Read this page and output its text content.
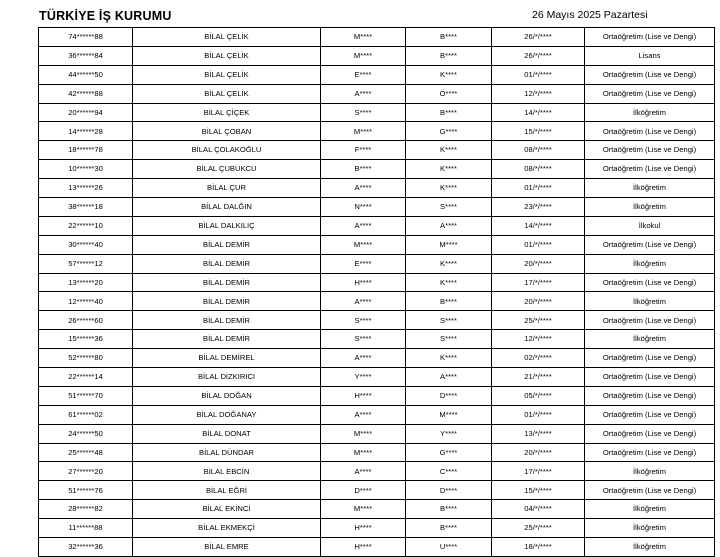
TÜRKİYE İŞ KURUMU	26 Mayıs 2025 Pazartesi
74******88	BİLAL ÇELİK	M****	B****	26/*/****	Ortaöğretim (Lise ve Dengi)
36******84	BİLAL ÇELİK	M****	B****	26/*/****	Lisans
44******50	BİLAL ÇELİK	E****	K****	01/*/****	Ortaöğretim (Lise ve Dengi)
42******88	BİLAL ÇELİK	A****	Ö****	12/*/****	Ortaöğretim (Lise ve Dengi)
20******94	BİLAL ÇİÇEK	S****	B****	14/*/****	İlköğretim
14******28	BİLAL ÇOBAN	M****	G****	15/*/****	Ortaöğretim (Lise ve Dengi)
18******78	BİLAL ÇOLAKOĞLU	F****	K****	08/*/****	Ortaöğretim (Lise ve Dengi)
10******30	BİLAL ÇUBUKCU	B****	K****	08/*/****	Ortaöğretim (Lise ve Dengi)
13******26	BİLAL ÇUR	A****	K****	01/*/****	İlköğretim
38******18	BİLAL DALĞIN	N****	S****	23/*/****	İlköğretim
22******10	BİLAL DALKILIÇ	A****	A****	14/*/****	İlkokul
30******40	BİLAL DEMİR	M****	M****	01/*/****	Ortaöğretim (Lise ve Dengi)
57******12	BİLAL DEMİR	E****	K****	20/*/****	İlköğretim
13******20	BİLAL DEMİR	H****	K****	17/*/****	Ortaöğretim (Lise ve Dengi)
12******40	BİLAL DEMİR	A****	B****	20/*/****	İlköğretim
26******60	BİLAL DEMİR	S****	S****	25/*/****	Ortaöğretim (Lise ve Dengi)
15******36	BİLAL DEMİR	S****	S****	12/*/****	İlköğretim
52******80	BİLAL DEMİREL	A****	K****	02/*/****	Ortaöğretim (Lise ve Dengi)
22******14	BİLAL DİZKIRICI	Y****	A****	21/*/****	Ortaöğretim (Lise ve Dengi)
51******70	BİLAL DOĞAN	H****	D****	05/*/****	Ortaöğretim (Lise ve Dengi)
61******02	BİLAL DOĞANAY	A****	M****	01/*/****	Ortaöğretim (Lise ve Dengi)
24******50	BİLAL DONAT	M****	Y****	13/*/****	Ortaöğretim (Lise ve Dengi)
25******48	BİLAL DÜNDAR	M****	G****	20/*/****	Ortaöğretim (Lise ve Dengi)
27******20	BİLAL EBCİN	A****	C****	17/*/****	İlköğretim
51******76	BİLAL EĞRİ	D****	D****	15/*/****	Ortaöğretim (Lise ve Dengi)
28******82	BİLAL EKİNCİ	M****	B****	04/*/****	İlköğretim
11******88	BİLAL EKMEKÇİ	H****	B****	25/*/****	İlköğretim
32******36	BİLAL EMRE	H****	U****	18/*/****	İlköğretim
